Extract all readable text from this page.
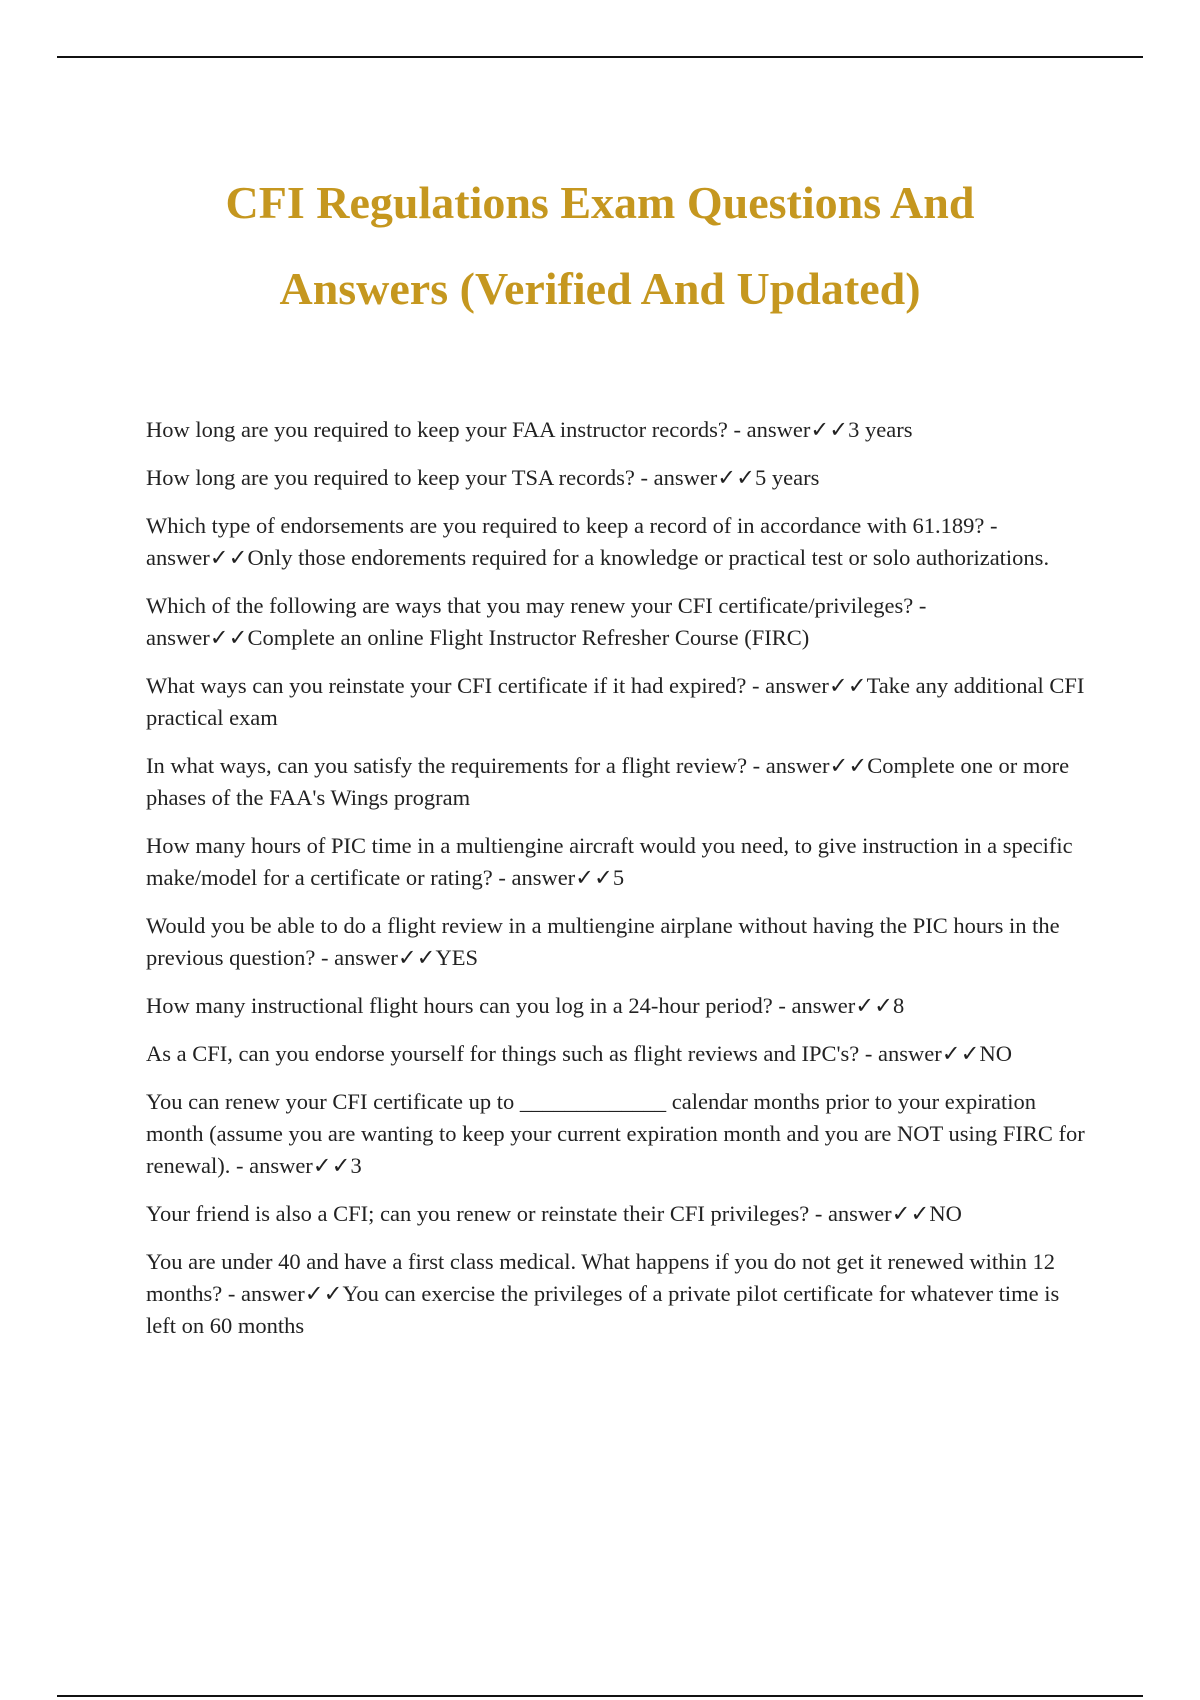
CFI Regulations Exam Questions And
Answers (Verified And Updated)

How long are you required to keep your FAA instructor records? - answer✓✓3 years

How long are you required to keep your TSA records? - answer✓✓5 years

Which type of endorsements are you required to keep a record of in accordance with 61.189? - answer✓✓Only those endorements required for a knowledge or practical test or solo authorizations.

Which of the following are ways that you may renew your CFI certificate/privileges? - answer✓✓Complete an online Flight Instructor Refresher Course (FIRC)

What ways can you reinstate your CFI certificate if it had expired? - answer✓✓Take any additional CFI practical exam

In what ways, can you satisfy the requirements for a flight review? - answer✓✓Complete one or more phases of the FAA's Wings program

How many hours of PIC time in a multiengine aircraft would you need, to give instruction in a specific make/model for a certificate or rating? - answer✓✓5

Would you be able to do a flight review in a multiengine airplane without having the PIC hours in the previous question? - answer✓✓YES

How many instructional flight hours can you log in a 24-hour period? - answer✓✓8

As a CFI, can you endorse yourself for things such as flight reviews and IPC's? - answer✓✓NO

You can renew your CFI certificate up to _____________ calendar months prior to your expiration month (assume you are wanting to keep your current expiration month and you are NOT using FIRC for renewal). - answer✓✓3

Your friend is also a CFI; can you renew or reinstate their CFI privileges? - answer✓✓NO

You are under 40 and have a first class medical. What happens if you do not get it renewed within 12 months? - answer✓✓You can exercise the privileges of a private pilot certificate for whatever time is left on 60 months
